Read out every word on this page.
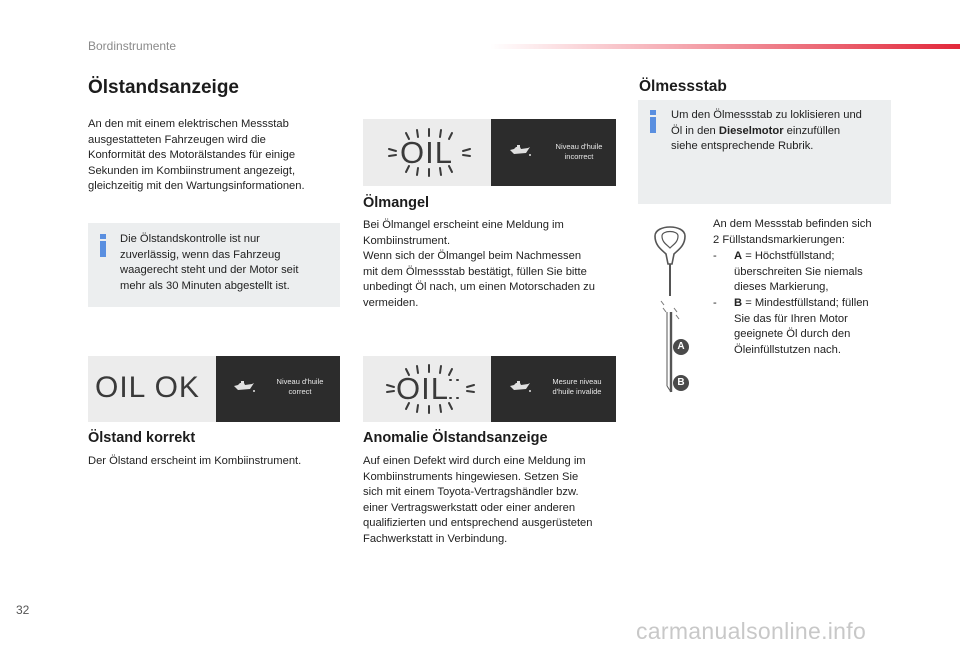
Bordinstrumente
Ölstandsanzeige
An den mit einem elektrischen Messstab
ausgestatteten Fahrzeugen wird die
Konformität des Motorälstandes für einige
Sekunden im Kombiinstrument angezeigt,
gleichzeitig mit den Wartungsinformationen.
Die Ölstandskontrolle ist nur
zuverlässig, wenn das Fahrzeug
waagerecht steht und der Motor seit
mehr als 30 Minuten abgestellt ist.
OIL OK	Niveau d'huile
correct
Ölstand korrekt
Der Ölstand erscheint im Kombiinstrument.
OIL	Niveau d'huile
incorrect
Ölmangel
Bei Ölmangel erscheint eine Meldung im
Kombiinstrument.
Wenn sich der Ölmangel beim Nachmessen
mit dem Ölmessstab bestätigt, füllen Sie bitte
unbedingt Öl nach, um einen Motorschaden zu
vermeiden.
OIL	Mesure niveau
d'huile invalide
Anomalie Ölstandsanzeige
Auf einen Defekt wird durch eine Meldung im
Kombiinstruments hingewiesen. Setzen Sie
sich mit einem Toyota-Vertragshändler bzw.
einer Vertragswerkstatt oder einer anderen
qualifizierten und entsprechend ausgerüsteten
Fachwerkstatt in Verbindung.
Ölmessstab
Um den Ölmessstab zu loklisieren und
Öl in den Dieselmotor einzufüllen
siehe entsprechende Rubrik.
A
B
An dem Messstab befinden sich
2 Füllstandsmarkierungen:
- A = Höchstfüllstand;
überschreiten Sie niemals
dieses Markierung,
- B = Mindestfüllstand; füllen
Sie das für Ihren Motor
geeignete Öl durch den
Öleinfüllstutzen nach.
32
carmanualsonline.info
